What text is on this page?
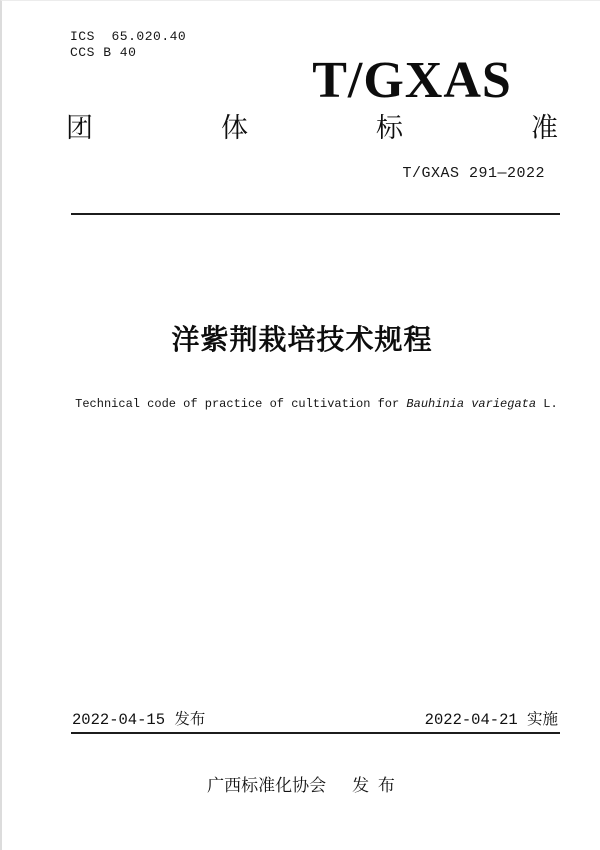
ICS  65.020.40
CCS B 40	T/GXAS
团	体	标	准
T/GXAS 291—2022
洋紫荆栽培技术规程

Technical code of practice of cultivation for Bauhinia variegata L.

2022-04-15 发布	2022-04-21 实施
广西标准化协会 发 布
